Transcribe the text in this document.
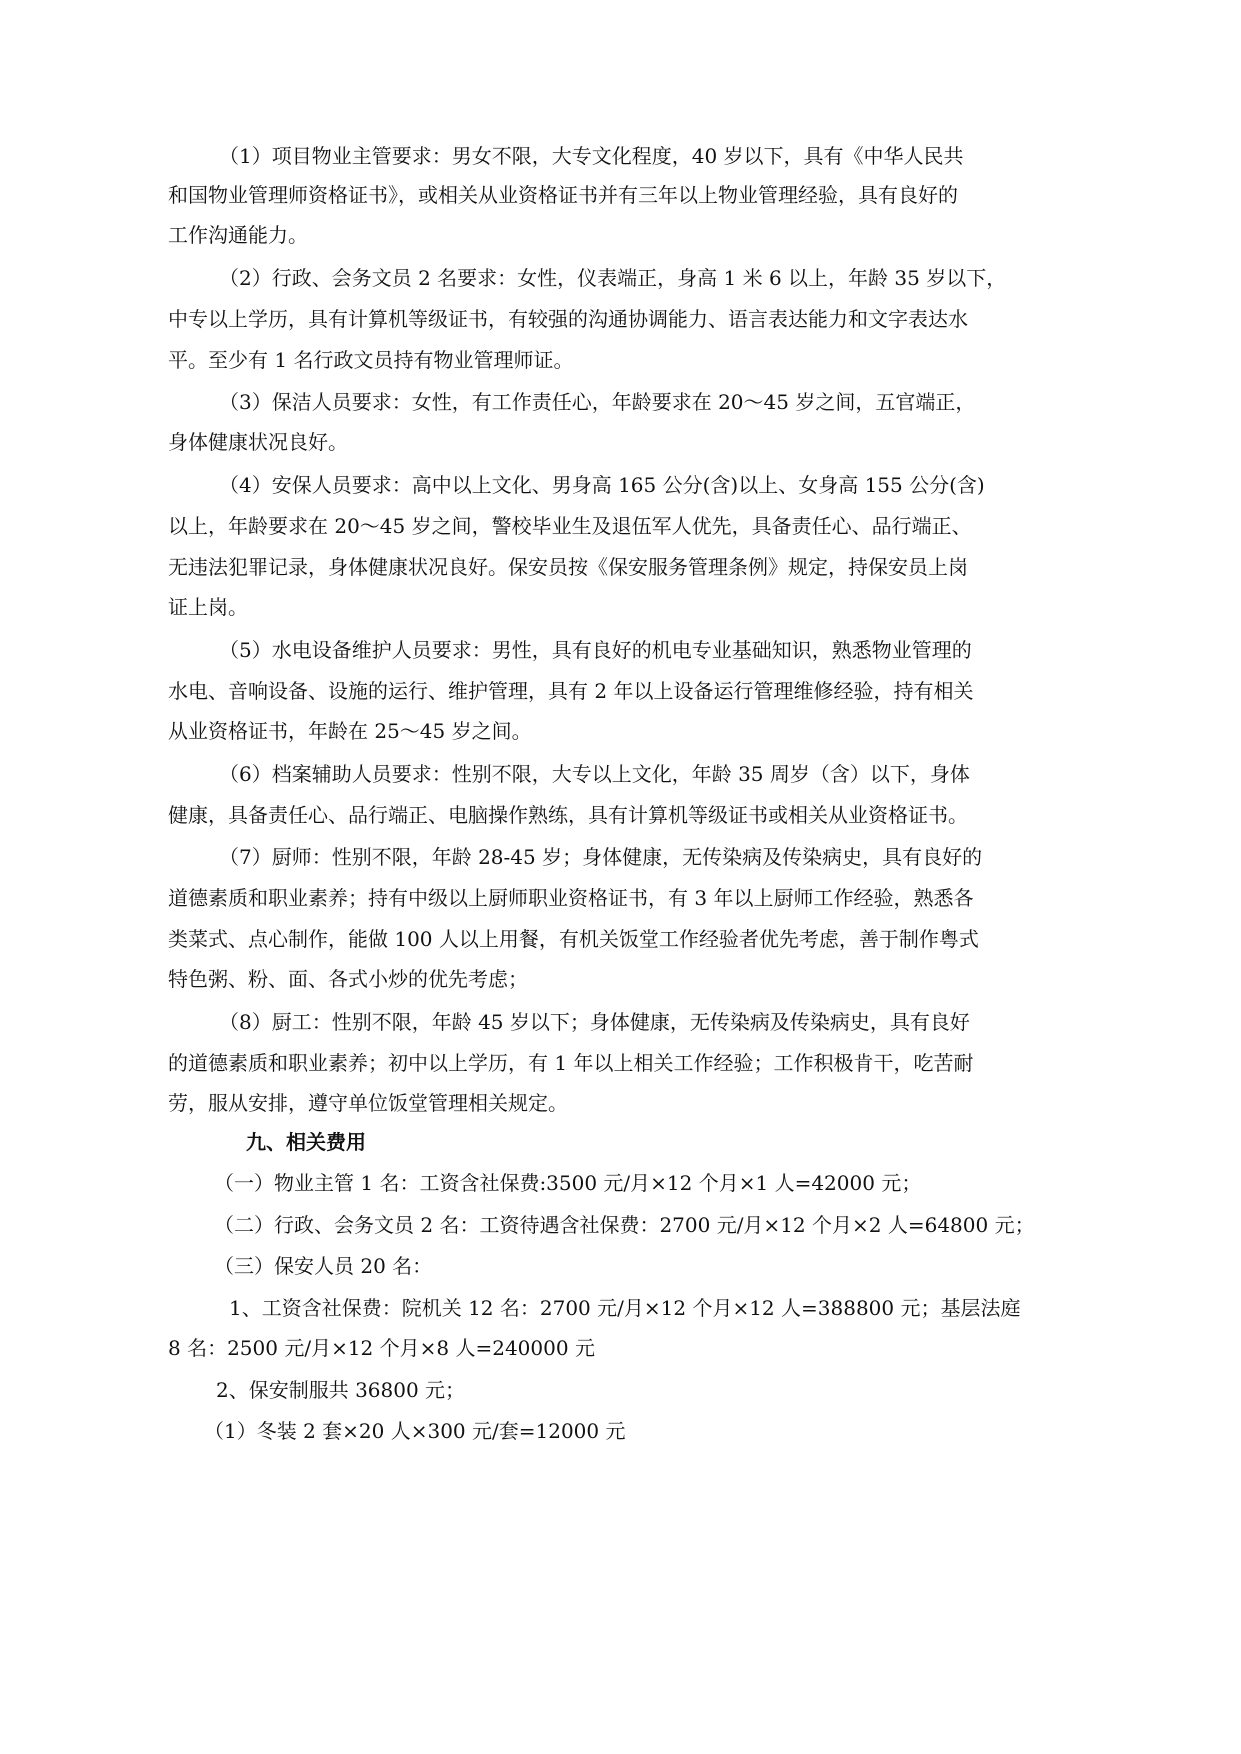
（1）项目物业主管要求：男女不限，大专文化程度，40 岁以下，具有《中华人民共
和国物业管理师资格证书》，或相关从业资格证书并有三年以上物业管理经验，具有良好的
工作沟通能力。
（2）行政、会务文员 2 名要求：女性，仪表端正，身高 1 米 6 以上，年龄 35 岁以下，
中专以上学历，具有计算机等级证书，有较强的沟通协调能力、语言表达能力和文字表达水
平。至少有 1 名行政文员持有物业管理师证。
（3）保洁人员要求：女性，有工作责任心，年龄要求在 20～45 岁之间，五官端正，
身体健康状况良好。
（4）安保人员要求：高中以上文化、男身高 165 公分(含)以上、女身高 155 公分(含)
以上，年龄要求在 20～45 岁之间，警校毕业生及退伍军人优先，具备责任心、品行端正、
无违法犯罪记录，身体健康状况良好。保安员按《保安服务管理条例》规定，持保安员上岗
证上岗。
（5）水电设备维护人员要求：男性，具有良好的机电专业基础知识，熟悉物业管理的
水电、音响设备、设施的运行、维护管理，具有 2 年以上设备运行管理维修经验，持有相关
从业资格证书，年龄在 25～45 岁之间。
（6）档案辅助人员要求：性别不限，大专以上文化，年龄 35 周岁（含）以下，身体
健康，具备责任心、品行端正、电脑操作熟练，具有计算机等级证书或相关从业资格证书。
（7）厨师：性别不限，年龄 28-45 岁；身体健康，无传染病及传染病史，具有良好的
道德素质和职业素养；持有中级以上厨师职业资格证书，有 3 年以上厨师工作经验，熟悉各
类菜式、点心制作，能做 100 人以上用餐，有机关饭堂工作经验者优先考虑，善于制作粤式
特色粥、粉、面、各式小炒的优先考虑；
（8）厨工：性别不限，年龄 45 岁以下；身体健康，无传染病及传染病史，具有良好
的道德素质和职业素养；初中以上学历，有 1 年以上相关工作经验；工作积极肯干，吃苦耐
劳，服从安排，遵守单位饭堂管理相关规定。
九、相关费用
（一）物业主管 1 名：工资含社保费:3500 元/月×12 个月×1 人=42000 元；
（二）行政、会务文员 2 名：工资待遇含社保费：2700 元/月×12 个月×2 人=64800 元；
（三）保安人员 20 名：
1、工资含社保费：院机关 12 名：2700 元/月×12 个月×12 人=388800 元；基层法庭
8 名：2500 元/月×12 个月×8 人=240000 元
2、保安制服共 36800 元；
（1）冬装 2 套×20 人×300 元/套=12000 元
